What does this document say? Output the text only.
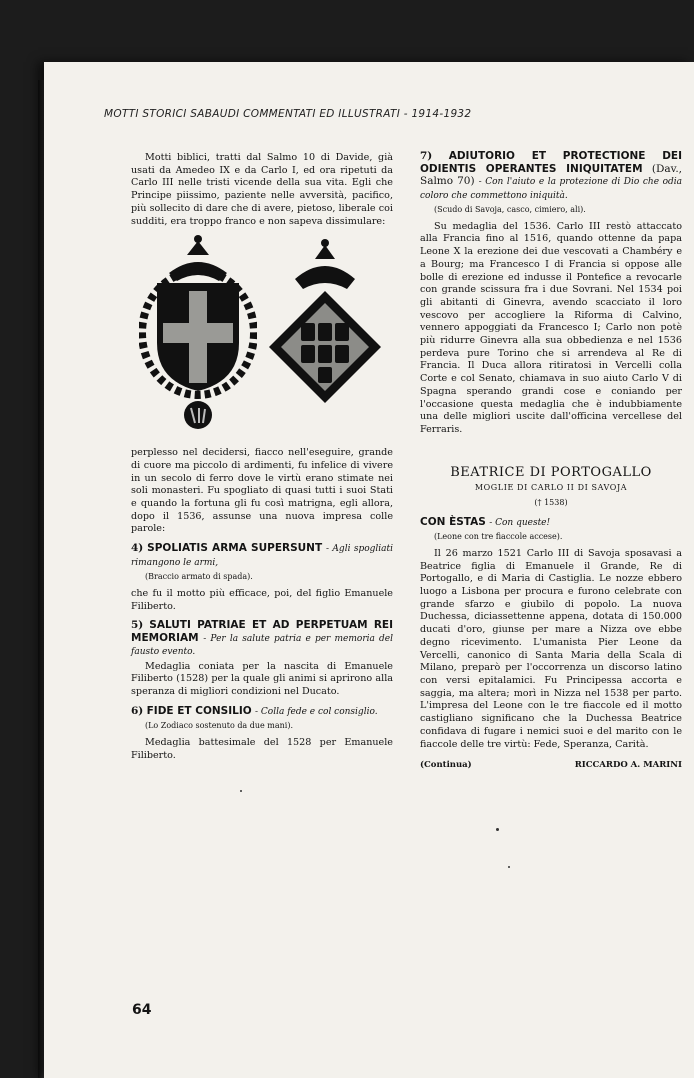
MOTTI STORICI SABAUDI COMMENTATI ED ILLUSTRATI - 1914-1932

Motti biblici, tratti dal Salmo 10 di Davide, già usati da Amedeo IX e da Carlo I, ed ora ripetuti da Carlo III nelle tristi vicende della sua vita. Egli che Principe piissimo, paziente nelle avversità, pacifico, più sollecito di dare che di avere, pietoso, liberale coi sudditi, era troppo franco e non sapeva dissimulare:

perplesso nel decidersi, fiacco nell'eseguire, grande di cuore ma piccolo di ardimenti, fu infelice di vivere in un secolo di ferro dove le virtù erano stimate nei soli monasteri. Fu spogliato di quasi tutti i suoi Stati e quando la fortuna gli fu così matrigna, egli allora, dopo il 1536, assunse una nuova impresa colle parole:

4) SPOLIATIS ARMA SUPERSUNT - Agli spogliati rimangono le armi,
(Braccio armato di spada).

che fu il motto più efficace, poi, del figlio Emanuele Filiberto.

5) SALUTI PATRIAE ET AD PERPETUAM REI MEMORIAM - Per la salute patria e per memoria del fausto evento.

Medaglia coniata per la nascita di Emanuele Filiberto (1528) per la quale gli animi si aprirono alla speranza di migliori condizioni nel Ducato.

6) FIDE ET CONSILIO - Colla fede e col consiglio.
(Lo Zodiaco sostenuto da due mani).

Medaglia battesimale del 1528 per Emanuele Filiberto.

7) ADIUTORIO ET PROTECTIONE DEI ODIENTIS OPERANTES INIQUITATEM (Dav., Salmo 70) - Con l'aiuto e la protezione di Dio che odia coloro che commettono iniquità.
(Scudo di Savoja, casco, cimiero, ali).

Su medaglia del 1536. Carlo III restò attaccato alla Francia fino al 1516, quando ottenne da papa Leone X la erezione dei due vescovati a Chambéry e a Bourg; ma Francesco I di Francia si oppose alle bolle di erezione ed indusse il Pontefice a revocarle con grande scissura fra i due Sovrani. Nel 1534 poi gli abitanti di Ginevra, avendo scacciato il loro vescovo per accogliere la Riforma di Calvino, vennero appoggiati da Francesco I; Carlo non potè più ridurre Ginevra alla sua obbedienza e nel 1536 perdeva pure Torino che si arrendeva al Re di Francia. Il Duca allora ritiratosi in Vercelli colla Corte e col Senato, chiamava in suo aiuto Carlo V di Spagna sperando grandi cose e coniando per l'occasione questa medaglia che è indubbiamente una delle migliori uscite dall'officina vercellese del Ferraris.

BEATRICE DI PORTOGALLO
MOGLIE DI CARLO II DI SAVOJA
(† 1538)
CON ÈSTAS - Con queste!
(Leone con tre fiaccole accese).

Il 26 marzo 1521 Carlo III di Savoja sposavasi a Beatrice figlia di Emanuele il Grande, Re di Portogallo, e di Maria di Castiglia. Le nozze ebbero luogo a Lisbona per procura e furono celebrate con grande sfarzo e giubilo di popolo. La nuova Duchessa, diciassettenne appena, dotata di 150.000 ducati d'oro, giunse per mare a Nizza ove ebbe degno ricevimento. L'umanista Pier Leone da Vercelli, canonico di Santa Maria della Scala di Milano, preparò per l'occorrenza un discorso latino con versi epitalamici. Fu Principessa accorta e saggia, ma altera; morì in Nizza nel 1538 per parto. L'impresa del Leone con le tre fiaccole ed il motto castigliano significano che la Duchessa Beatrice confidava di fugare i nemici suoi e del marito con le fiaccole delle tre virtù: Fede, Speranza, Carità.

(Continua)	RICCARDO A. MARINI
64
